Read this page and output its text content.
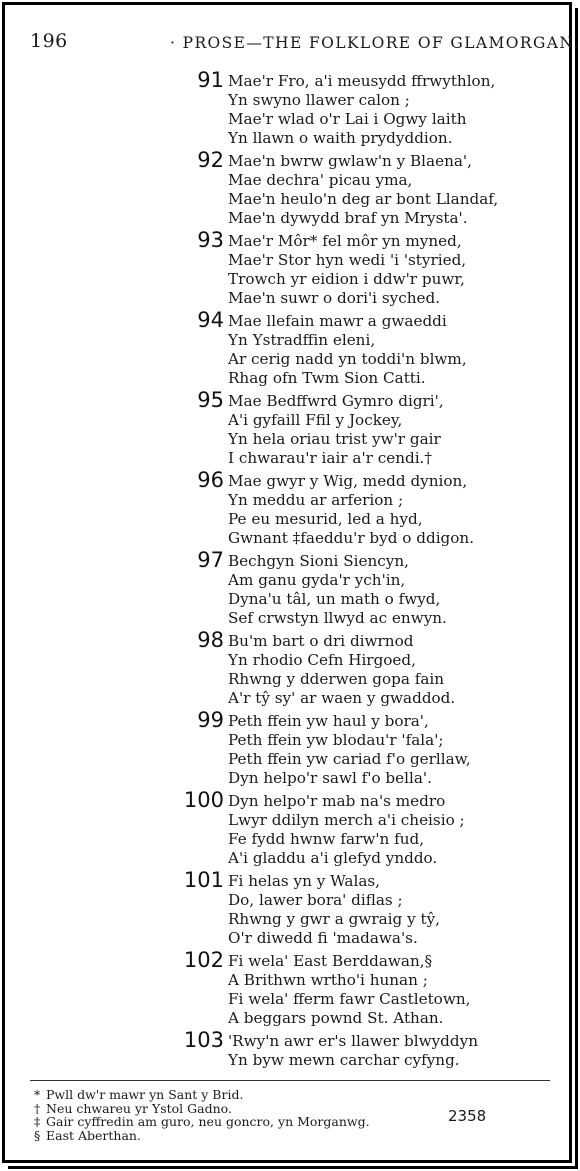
196	· PROSE—THE FOLKLORE OF GLAMORGAN.
91 Mae'r Fro, a'i meusydd ffrwythlon,
Yn swyno llawer calon ;
Mae'r wlad o'r Lai i Ogwy laith
Yn llawn o waith prydyddion.
92 Mae'n bwrw gwlaw'n y Blaena',
Mae dechra' picau yma,
Mae'n heulo'n deg ar bont Llandaf,
Mae'n dywydd braf yn Mrysta'.
93 Mae'r Môr* fel môr yn myned,
Mae'r Stor hyn wedi 'i 'styried,
Trowch yr eidion i ddw'r puwr,
Mae'n suwr o dori'i syched.
94 Mae llefain mawr a gwaeddi
Yn Ystradffin eleni,
Ar cerig nadd yn toddi'n blwm,
Rhag ofn Twm Sion Catti.
95 Mae Bedffwrd Gymro digri',
A'i gyfaill Ffil y Jockey,
Yn hela oriau trist yw'r gair
I chwarau'r iair a'r cendi.†
96 Mae gwyr y Wig, medd dynion,
Yn meddu ar arferion ;
Pe eu mesurid, led a hyd,
Gwnant ‡faeddu'r byd o ddigon.
97 Bechgyn Sioni Siencyn,
Am ganu gyda'r ych'in,
Dyna'u tâl, un math o fwyd,
Sef crwstyn llwyd ac enwyn.
98 Bu'm bart o dri diwrnod
Yn rhodio Cefn Hirgoed,
Rhwng y dderwen gopa fain
A'r tŷ sy' ar waen y gwaddod.
99 Peth ffein yw haul y bora',
Peth ffein yw blodau'r 'fala';
Peth ffein yw cariad f'o gerllaw,
Dyn helpo'r sawl f'o bella'.
100 Dyn helpo'r mab na's medro
Lwyr ddilyn merch a'i cheisio ;
Fe fydd hwnw farw'n fud,
A'i gladdu a'i glefyd ynddo.
101 Fi helas yn y Walas,
Do, lawer bora' diflas ;
Rhwng y gwr a gwraig y tŷ,
O'r diwedd fi 'madawa's.
102 Fi wela' East Berddawan,§
A Brithwn wrtho'i hunan ;
Fi wela' fferm fawr Castletown,
A beggars pownd St. Athan.
103 'Rwy'n awr er's llawer blwyddyn
Yn byw mewn carchar cyfyng.
* Pwll dw'r mawr yn Sant y Brid.
† Neu chwareu yr Ystol Gadno.
‡ Gair cyffredin am guro, neu goncro, yn Morganwg.
§ East Aberthan.
2358
